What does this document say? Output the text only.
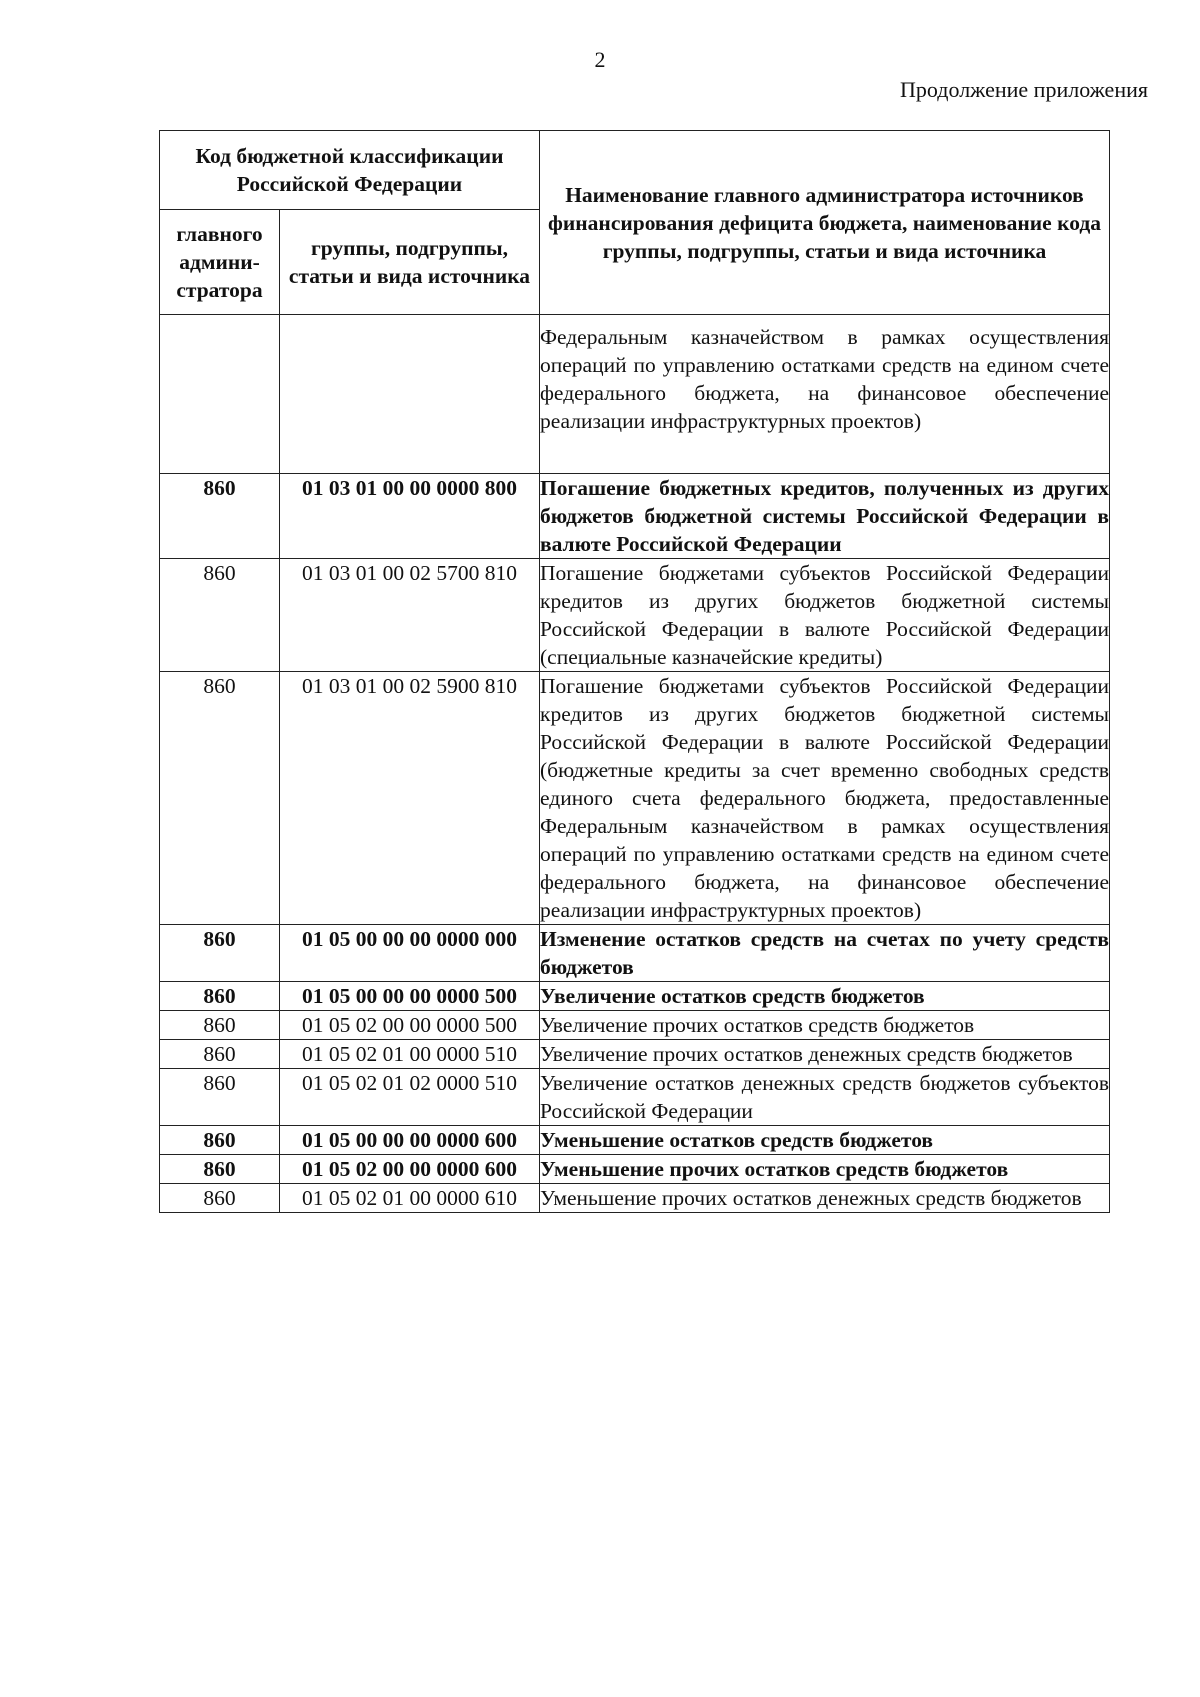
2
Продолжение приложения
Код бюджетной классификации Российской Федерации		Наименование главного администратора источников финансирования дефицита бюджета, наименование кода группы, подгруппы, статьи и вида источника
главного админи-стратора	группы, подгруппы, статьи и вида источника	
		Федеральным казначейством в рамках осуществления операций по управлению остатками средств на едином счете федерального бюджета, на финансовое обеспечение реализации инфраструктурных проектов)
860	01 03 01 00 00 0000 800	Погашение бюджетных кредитов, полученных из других бюджетов бюджетной системы Российской Федерации в валюте Российской Федерации
860	01 03 01 00 02 5700 810	Погашение бюджетами субъектов Российской Федерации кредитов из других бюджетов бюджетной системы Российской Федерации в валюте Российской Федерации (специальные казначейские кредиты)
860	01 03 01 00 02 5900 810	Погашение бюджетами субъектов Российской Федерации кредитов из других бюджетов бюджетной системы Российской Федерации в валюте Российской Федерации (бюджетные кредиты за счет временно свободных средств единого счета федерального бюджета, предоставленные Федеральным казначейством в рамках осуществления операций по управлению остатками средств на едином счете федерального бюджета, на финансовое обеспечение реализации инфраструктурных проектов)
860	01 05 00 00 00 0000 000	Изменение остатков средств на счетах по учету средств бюджетов
860	01 05 00 00 00 0000 500	Увеличение остатков средств бюджетов
860	01 05 02 00 00 0000 500	Увеличение прочих остатков средств бюджетов
860	01 05 02 01 00 0000 510	Увеличение прочих остатков денежных средств бюджетов
860	01 05 02 01 02 0000 510	Увеличение остатков денежных средств бюджетов субъектов Российской Федерации
860	01 05 00 00 00 0000 600	Уменьшение остатков средств бюджетов
860	01 05 02 00 00 0000 600	Уменьшение прочих остатков средств бюджетов
860	01 05 02 01 00 0000 610	Уменьшение прочих остатков денежных средств бюджетов
